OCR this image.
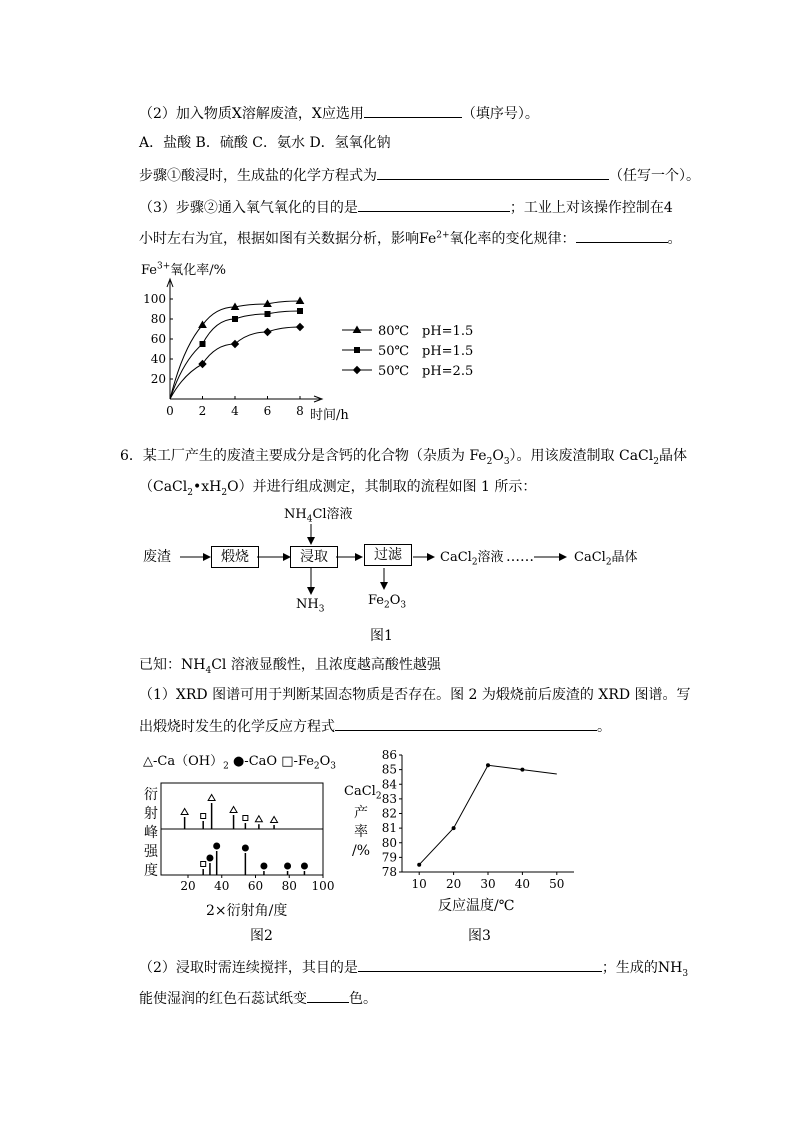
（2）加入物质X溶解废渣，X应选用	（填序号）。
A．盐酸 B．硫酸 C．氨水 D．氢氧化钠
步骤①酸浸时，生成盐的化学方程式为	（任写一个）。
（3）步骤②通入氧气氧化的目的是	；工业上对该操作控制在4
小时左右为宜，根据如图有关数据分析，影响$Fe^{2+}$氧化率的变化规律：	。
$Fe^{3+}$氧化率/%
0 2 4 6 8
20
40
60
80
100
时间/h
80℃ pH=1.5
50℃ pH=1.5
50℃ pH=2.5
6．某工厂产生的废渣主要成分是含钙的化合物（杂质为 $Fe_2O_3$）。用该废渣制取 CaCl$_2$晶体
$(CaCl_2•xH_2O)$并进行组成测定，其制取的流程如图 1 所示：
$NH_4Cl$溶液
废渣	煅烧	浸取	过滤	CaCl$_2$溶液 ……	CaCl$_2$晶体
$NH_3$
$Fe_2O_3$
图1
已知：$NH_4Cl$ 溶液显酸性，且浓度越高酸性越强
（1）XRD 图谱可用于判断某固态物质是否存在。图 2 为煅烧前后废渣的 XRD 图谱。写
出煅烧时发生的化学反应方程式	。
$\triangle-Ca(OH)_2$ ●-CaO $□-Fe_2O_3$
衍
射
峰
强
度
20 40 60 80 100
2×衍射角/度
图2
CaCl$_2$
产
率
/%
78
79
80
81
82
83
84
85
86
10 20 30 40 50
反应温度/℃
图3
（2）浸取时需连续搅拌，其目的是	；生成的$NH_3$
能使湿润的红色石蕊试纸变	色。
